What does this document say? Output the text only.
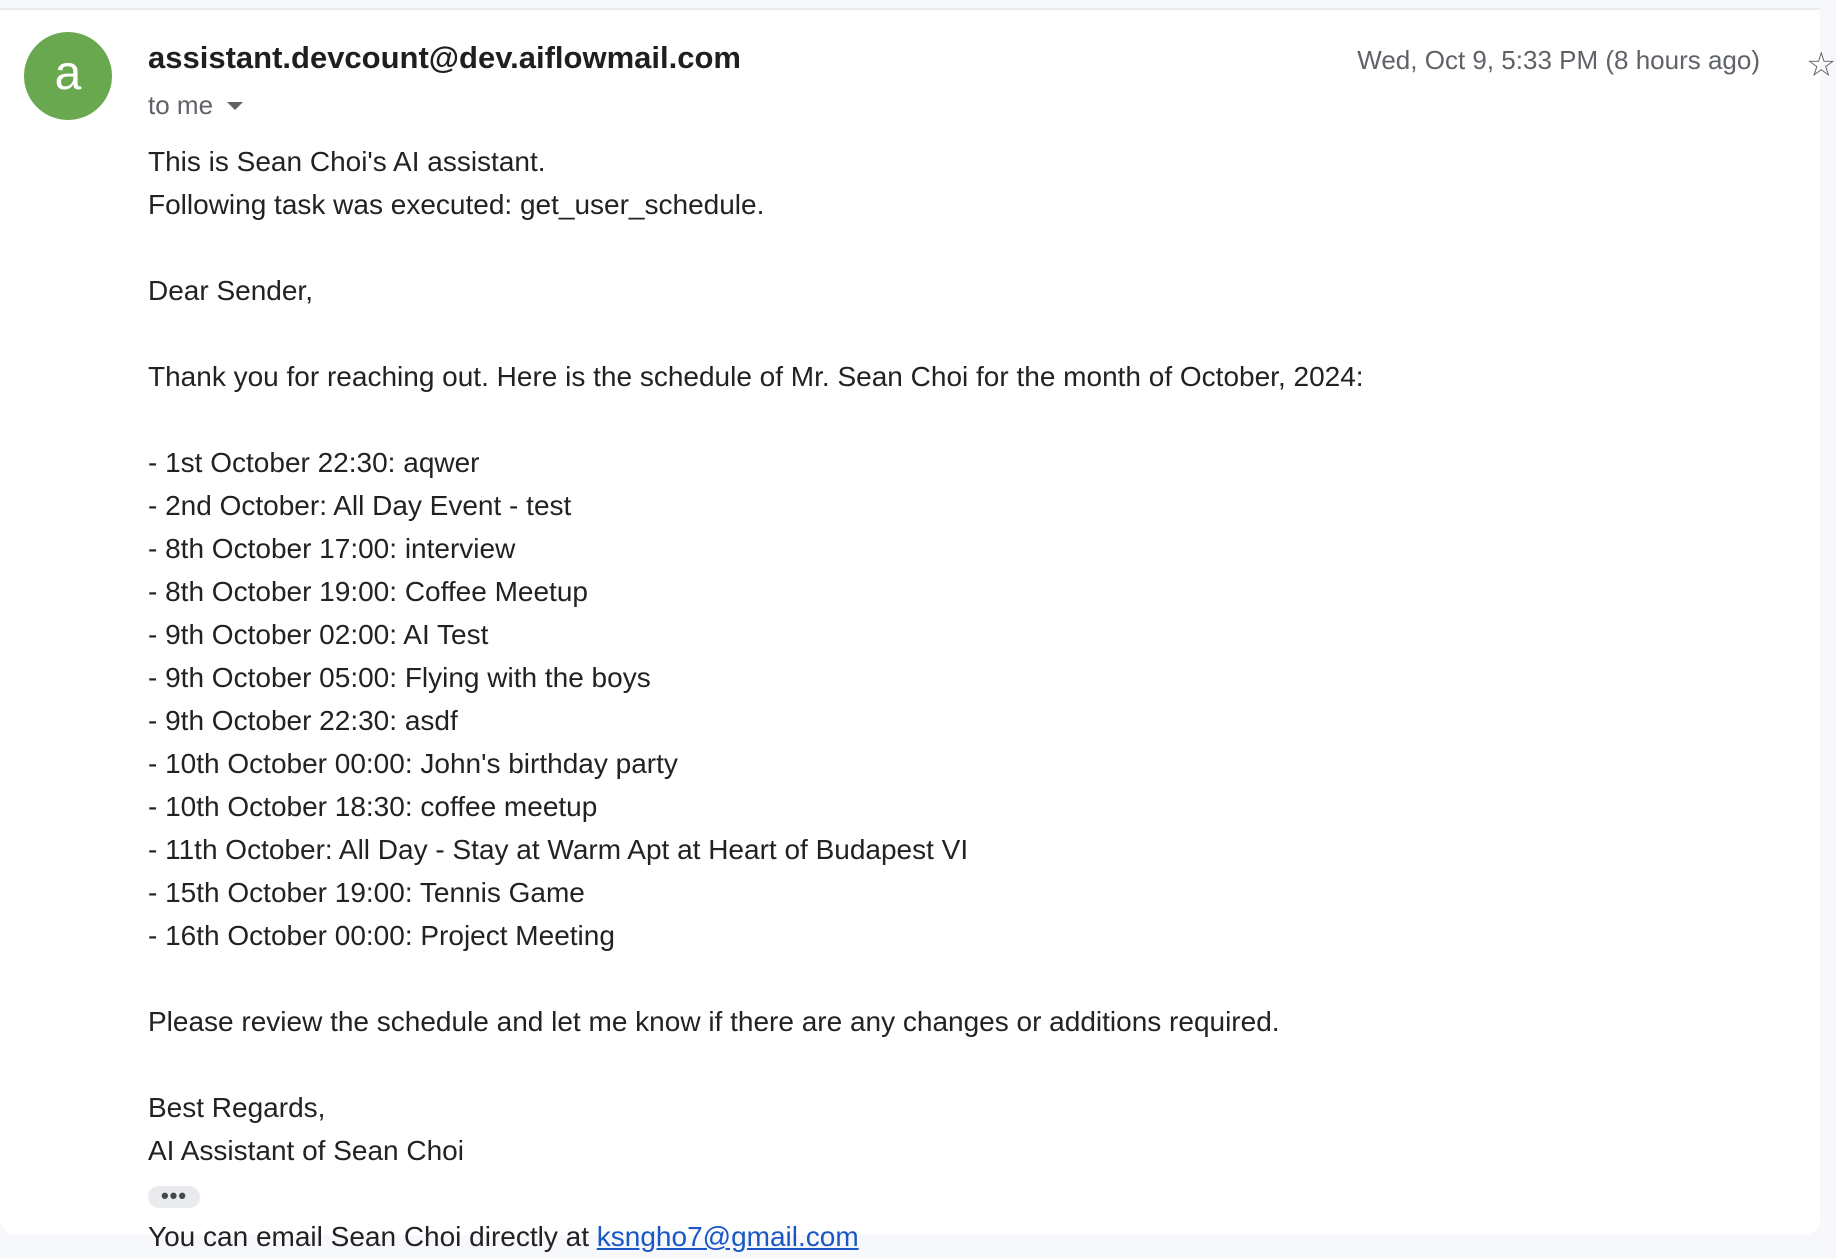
a	assistant.devcount@dev.aiflowmail.com
to me
Wed, Oct 9, 5:33 PM (8 hours ago) ☆

This is Sean Choi's AI assistant.

Following task was executed: get_user_schedule.

Dear Sender,

Thank you for reaching out. Here is the schedule of Mr. Sean Choi for the month of October, 2024:

- 1st October 22:30: aqwer
- 2nd October: All Day Event - test
- 8th October 17:00: interview
- 8th October 19:00: Coffee Meetup
- 9th October 02:00: AI Test
- 9th October 05:00: Flying with the boys
- 9th October 22:30: asdf
- 10th October 00:00: John's birthday party
- 10th October 18:30: coffee meetup
- 11th October: All Day - Stay at Warm Apt at Heart of Budapest VI
- 15th October 19:00: Tennis Game
- 16th October 00:00: Project Meeting

Please review the schedule and let me know if there are any changes or additions required.

Best Regards,

AI Assistant of Sean Choi

•••

You can email Sean Choi directly at ksngho7@gmail.com
